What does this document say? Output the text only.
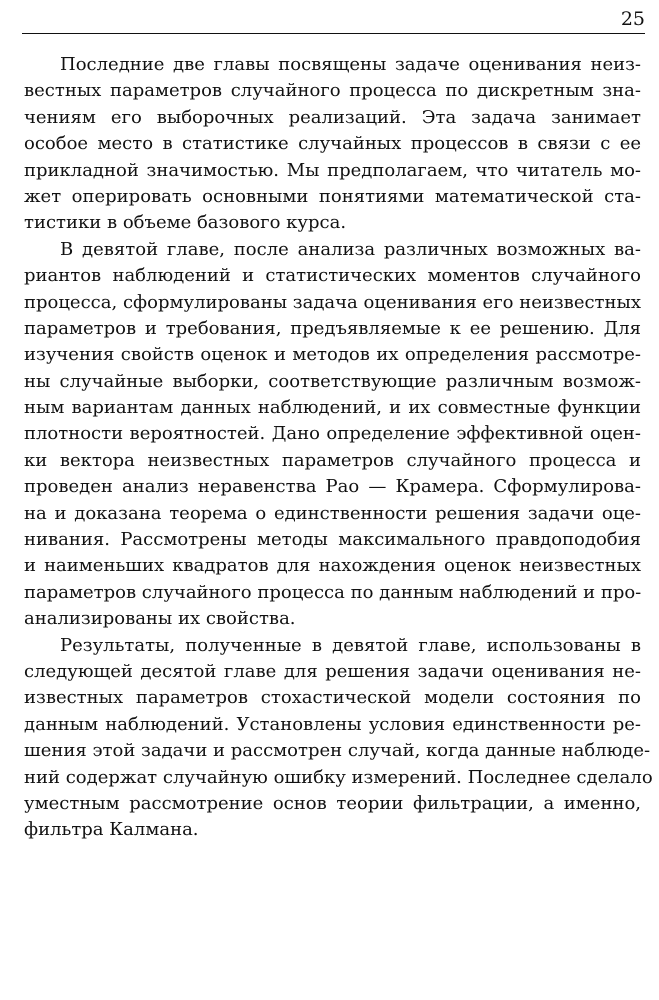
25
Последние две главы посвящены задаче оценивания неиз-
вестных параметров случайного процесса по дискретным зна-
чениям его выборочных реализаций. Эта задача занимает
особое место в статистике случайных процессов в связи с ее
прикладной значимостью. Мы предполагаем, что читатель мо-
жет оперировать основными понятиями математической ста-
тистики в объеме базового курса.
В девятой главе, после анализа различных возможных ва-
риантов наблюдений и статистических моментов случайного
процесса, сформулированы задача оценивания его неизвестных
параметров и требования, предъявляемые к ее решению. Для
изучения свойств оценок и методов их определения рассмотре-
ны случайные выборки, соответствующие различным возмож-
ным вариантам данных наблюдений, и их совместные функции
плотности вероятностей. Дано определение эффективной оцен-
ки вектора неизвестных параметров случайного процесса и
проведен анализ неравенства Рао — Крамера. Сформулирова-
на и доказана теорема о единственности решения задачи оце-
нивания. Рассмотрены методы максимального правдоподобия
и наименьших квадратов для нахождения оценок неизвестных
параметров случайного процесса по данным наблюдений и про-
анализированы их свойства.
Результаты, полученные в девятой главе, использованы в
следующей десятой главе для решения задачи оценивания не-
известных параметров стохастической модели состояния по
данным наблюдений. Установлены условия единственности ре-
шения этой задачи и рассмотрен случай, когда данные наблюде-
ний содержат случайную ошибку измерений. Последнее сделало
уместным рассмотрение основ теории фильтрации, а именно,
фильтра Калмана.
